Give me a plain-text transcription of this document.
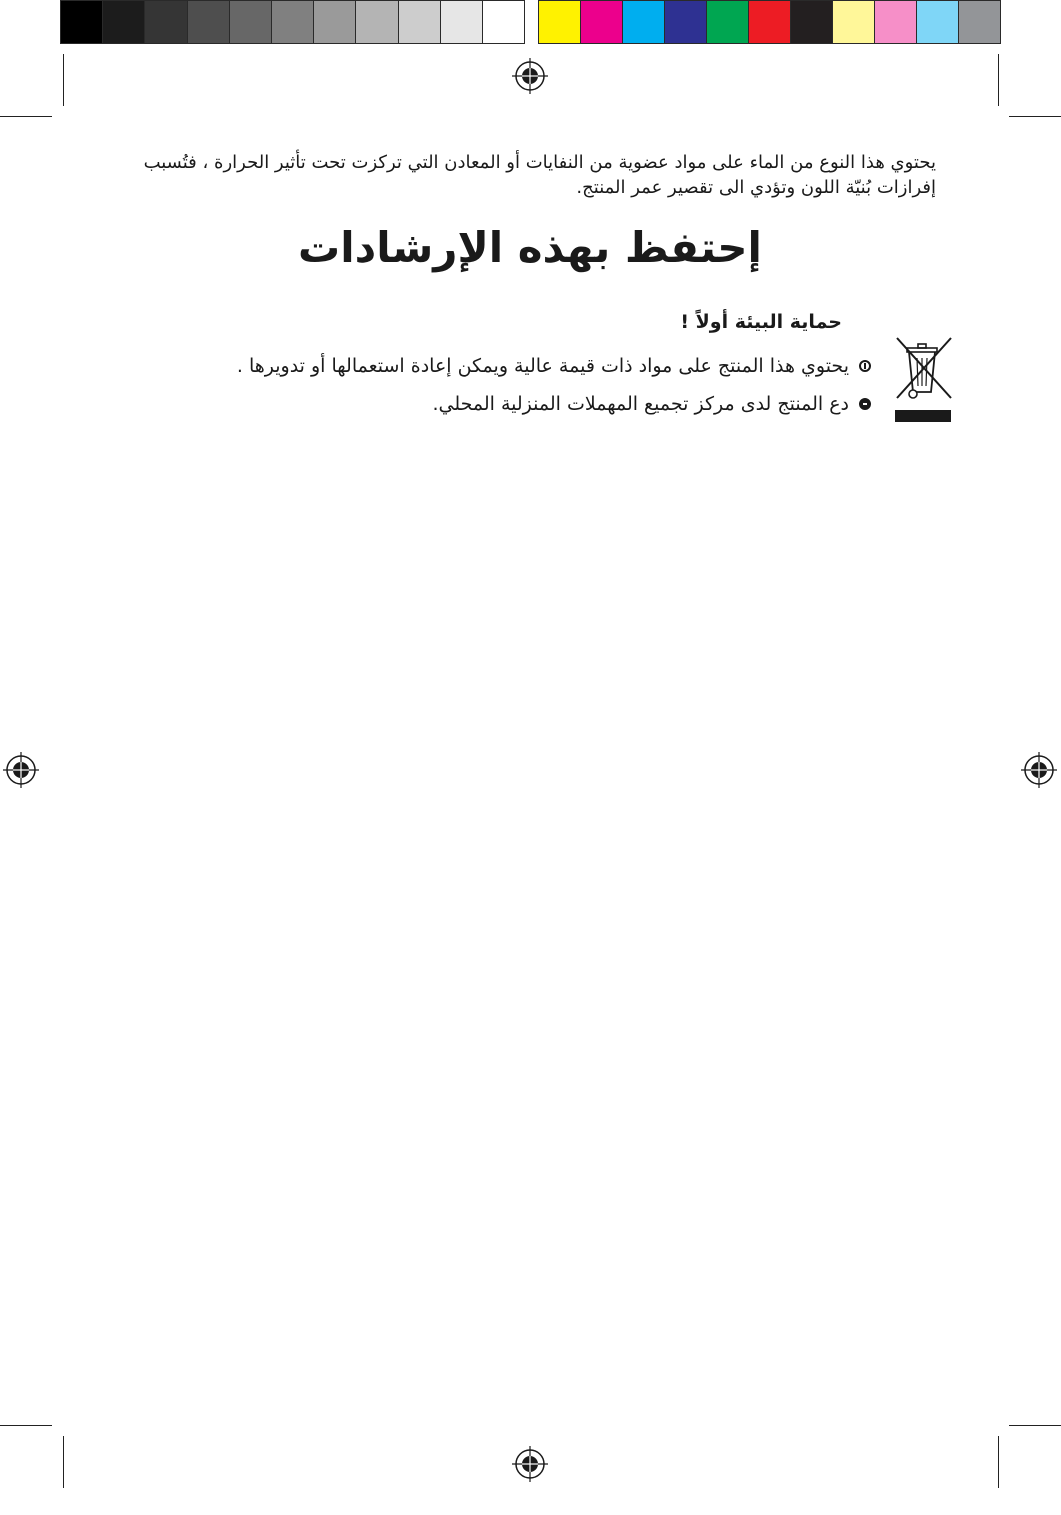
يحتوي هذا النوع من الماء على مواد عضوية من النفايات أو المعادن التي تركزت تحت تأثير الحرارة ، فتُسبب
إفرازات بُنيّة اللون وتؤدي الى تقصير عمر المنتج.
إحتفظ بهذه الإرشادات
حماية البيئة أولاً !
يحتوي هذا المنتج على مواد ذات قيمة عالية ويمكن إعادة استعمالها أو تدويرها .
دع المنتج لدى مركز تجميع المهملات المنزلية المحلي.
